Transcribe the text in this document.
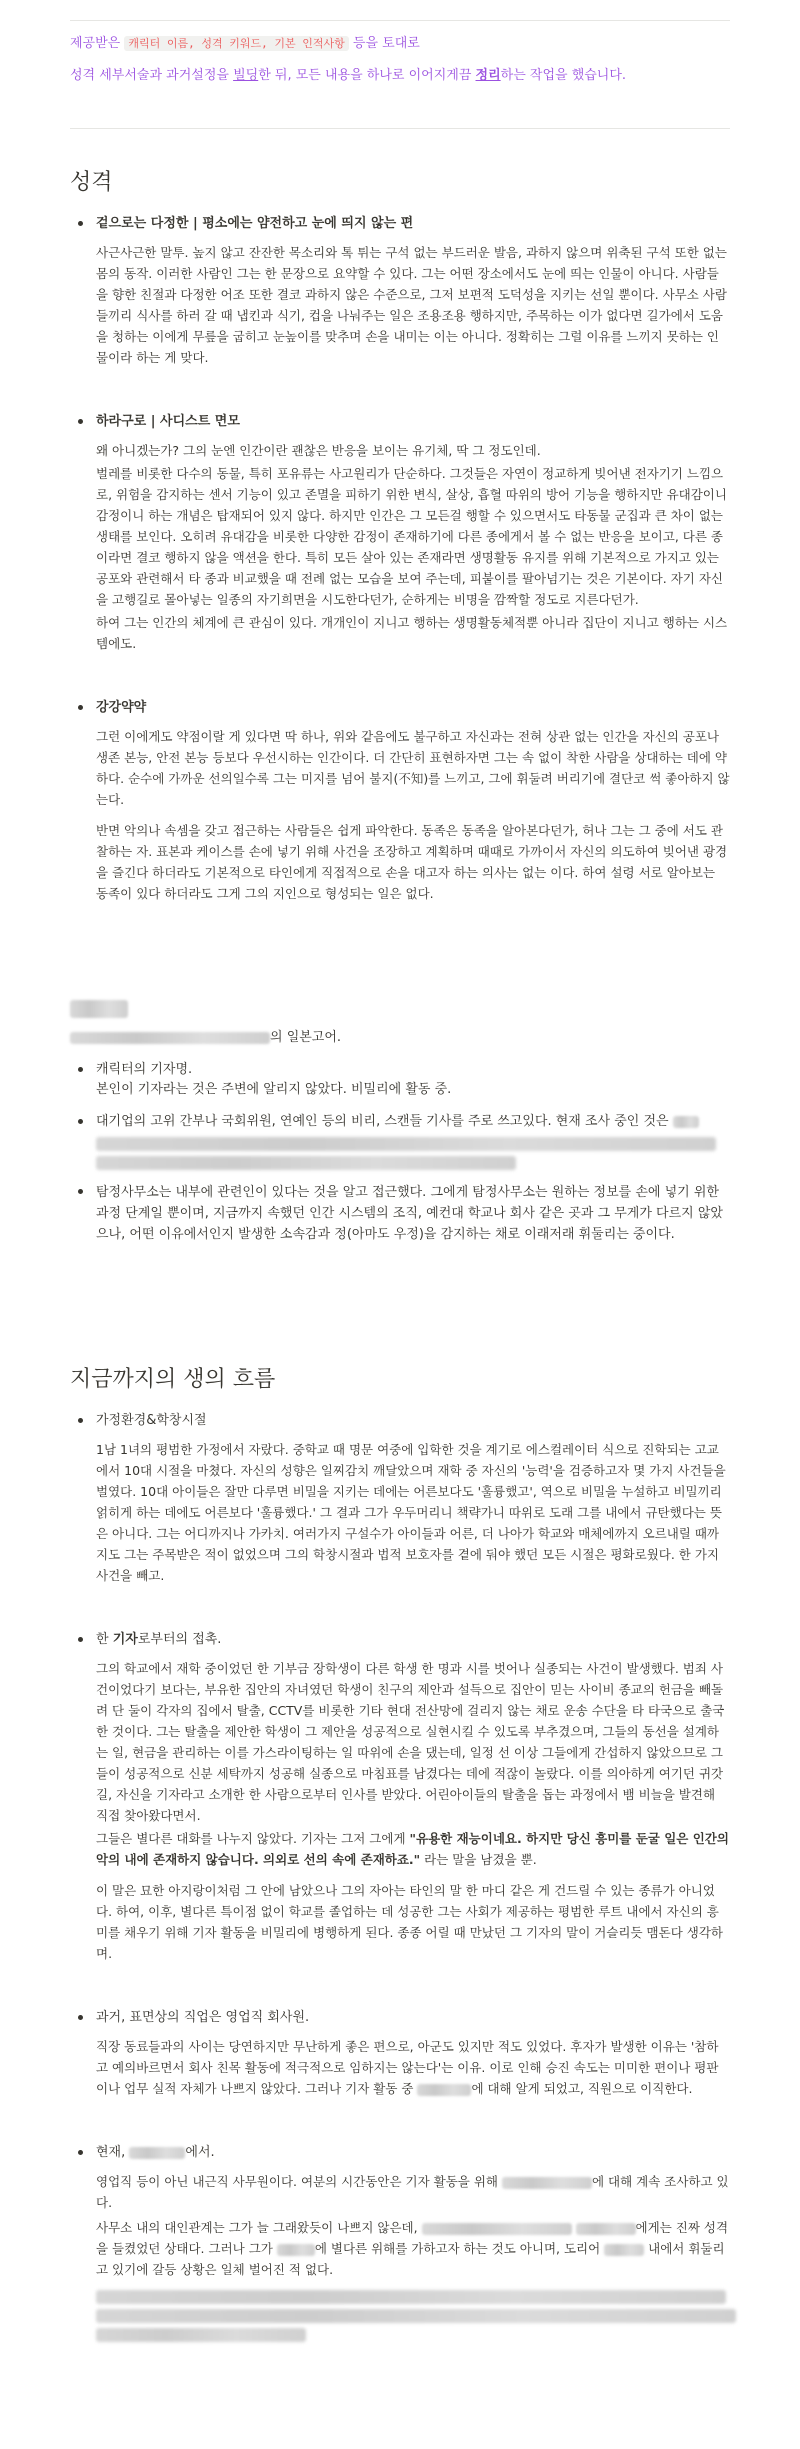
제공받은 캐릭터 이름, 성격 키워드, 기본 인적사항 등을 토대로

성격 세부서술과 과거설정을 빌딩한 뒤, 모든 내용을 하나로 이어지게끔 정리하는 작업을 했습니다.

성격
겉으로는 다정한 | 평소에는 얌전하고 눈에 띄지 않는 편
사근사근한 말투. 높지 않고 잔잔한 목소리와 톡 튀는 구석 없는 부드러운 발음, 과하지 않으며 위축된 구석 또한 없는 몸의 동작. 이러한 사람인 그는 한 문장으로 요약할 수 있다. 그는 어떤 장소에서도 눈에 띄는 인물이 아니다. 사람들을 향한 친절과 다정한 어조 또한 결코 과하지 않은 수준으로, 그저 보편적 도덕성을 지키는 선일 뿐이다. 사무소 사람들끼리 식사를 하러 갈 때 냅킨과 식기, 컵을 나눠주는 일은 조용조용 행하지만, 주목하는 이가 없다면 길가에서 도움을 청하는 이에게 무릎을 굽히고 눈높이를 맞추며 손을 내미는 이는 아니다. 정확히는 그럴 이유를 느끼지 못하는 인물이라 하는 게 맞다.
하라구로 | 사디스트 면모
왜 아니겠는가? 그의 눈엔 인간이란 괜찮은 반응을 보이는 유기체, 딱 그 정도인데.
벌레를 비롯한 다수의 동물, 특히 포유류는 사고원리가 단순하다. 그것들은 자연이 정교하게 빚어낸 전자기기 느낌으로, 위험을 감지하는 센서 기능이 있고 존멸을 피하기 위한 변식, 살상, 흡혈 따위의 방어 기능을 행하지만 유대감이니 감정이니 하는 개념은 탑재되어 있지 않다. 하지만 인간은 그 모든걸 행할 수 있으면서도 타동물 군집과 큰 차이 없는 생태를 보인다. 오히려 유대감을 비롯한 다양한 감정이 존재하기에 다른 종에게서 볼 수 없는 반응을 보이고, 다른 종이라면 결코 행하지 않을 액션을 한다. 특히 모든 살아 있는 존재라면 생명활동 유지를 위해 기본적으로 가지고 있는 공포와 관련해서 타 종과 비교했을 때 전례 없는 모습을 보여 주는데, 피붙이를 팔아넘기는 것은 기본이다. 자기 자신을 고행길로 몰아넣는 일종의 자기희면을 시도한다던가, 순하게는 비명을 깜짝할 정도로 지른다던가.
하여 그는 인간의 체계에 큰 관심이 있다. 개개인이 지니고 행하는 생명활동체적뿐 아니라 집단이 지니고 행하는 시스템에도.
강강약약
그런 이에게도 약점이랄 게 있다면 딱 하나, 위와 같음에도 불구하고 자신과는 전혀 상관 없는 인간을 자신의 공포나 생존 본능, 안전 본능 등보다 우선시하는 인간이다. 더 간단히 표현하자면 그는 속 없이 착한 사람을 상대하는 데에 약하다. 순수에 가까운 선의일수록 그는 미지를 넘어 불지(不知)를 느끼고, 그에 휘둘려 버리기에 결단코 썩 좋아하지 않는다.
반면 악의나 속셈을 갖고 접근하는 사람들은 쉽게 파악한다. 동족은 동족을 알아본다던가, 허나 그는 그 중에 서도 관찰하는 자. 표본과 케이스를 손에 넣기 위해 사건을 조장하고 계획하며 때때로 가까이서 자신의 의도하여 빚어낸 광경을 즐긴다 하더라도 기본적으로 타인에게 직접적으로 손을 대고자 하는 의사는 없는 이다. 하여 설령 서로 알아보는 동족이 있다 하더라도 그게 그의 지인으로 형성되는 일은 없다.
의 일본고어.
캐릭터의 기자명.
본인이 기자라는 것은 주변에 알리지 않았다. 비밀리에 활동 중.
대기업의 고위 간부나 국회위원, 연예인 등의 비리, 스캔들 기사를 주로 쓰고있다. 현재 조사 중인 것은
탐정사무소는 내부에 관련인이 있다는 것을 알고 접근했다. 그에게 탐정사무소는 원하는 정보를 손에 넣기 위한 과정 단계일 뿐이며, 지금까지 속했던 인간 시스템의 조직, 예컨대 학교나 회사 같은 곳과 그 무게가 다르지 않았으나, 어떤 이유에서인지 발생한 소속감과 정(아마도 우정)을 감지하는 채로 이래저래 휘둘리는 중이다.
지금까지의 생의 흐름
가정환경&학창시절
1남 1녀의 평범한 가정에서 자랐다. 중학교 때 명문 여중에 입학한 것을 계기로 에스컬레이터 식으로 진학되는 고교에서 10대 시절을 마쳤다. 자신의 성향은 일찌감치 깨달았으며 재학 중 자신의 '능력'을 검증하고자 몇 가지 사건들을 벌였다. 10대 아이들은 잘만 다루면 비밀을 지키는 데에는 어른보다도 '훌륭했고', 역으로 비밀을 누설하고 비밀끼리 얽히게 하는 데에도 어른보다 '훌륭했다.' 그 결과 그가 우두머리니 책략가니 따위로 도래 그를 내에서 규탄했다는 뜻은 아니다. 그는 어디까지나 가카치. 여러가지 구설수가 아이들과 어른, 더 나아가 학교와 매체에까지 오르내릴 때까지도 그는 주목받은 적이 없었으며 그의 학창시절과 법적 보호자를 곁에 둬야 했던 모든 시절은 평화로웠다. 한 가지 사건을 빼고.
한 기자로부터의 접촉.
그의 학교에서 재학 중이었던 한 기부금 장학생이 다른 학생 한 명과 시를 벗어나 실종되는 사건이 발생했다. 범죄 사건이었다기 보다는, 부유한 집안의 자녀였던 학생이 친구의 제안과 설득으로 집안이 믿는 사이비 종교의 헌금을 빼돌려 단 둘이 각자의 집에서 탈출, CCTV를 비롯한 기타 현대 전산망에 걸리지 않는 채로 운송 수단을 타 타국으로 출국한 것이다. 그는 탈출을 제안한 학생이 그 제안을 성공적으로 실현시킬 수 있도록 부추겼으며, 그들의 동선을 설계하는 일, 현금을 관리하는 이를 가스라이팅하는 일 따위에 손을 댔는데, 일정 선 이상 그들에게 간섭하지 않았으므로 그들이 성공적으로 신분 세탁까지 성공해 실종으로 마침표를 남겼다는 데에 적잖이 놀랐다. 이를 의아하게 여기던 귀갓길, 자신을 기자라고 소개한 한 사람으로부터 인사를 받았다. 어린아이들의 탈출을 돕는 과정에서 뱀 비늘을 발견해 직접 찾아왔다면서.
그들은 별다른 대화를 나누지 않았다. 기자는 그저 그에게 "유용한 재능이네요. 하지만 당신 흥미를 둔굴 일은 인간의 악의 내에 존재하지 않습니다. 의외로 선의 속에 존재하죠." 라는 말을 남겼을 뿐.
이 말은 묘한 아지랑이처럼 그 안에 남았으나 그의 자아는 타인의 말 한 마디 같은 게 건드릴 수 있는 종류가 아니었다. 하여, 이후, 별다른 특이점 없이 학교를 졸업하는 데 성공한 그는 사회가 제공하는 평범한 루트 내에서 자신의 흥미를 채우기 위해 기자 활동을 비밀리에 병행하게 된다. 종종 어릴 때 만났던 그 기자의 말이 거슬리듯 맴돈다 생각하며.
과거, 표면상의 직업은 영업직 회사원.
직장 동료들과의 사이는 당연하지만 무난하게 좋은 편으로, 아군도 있지만 적도 있었다. 후자가 발생한 이유는 '참하고 예의바르면서 회사 친목 활동에 적극적으로 임하지는 않는다'는 이유. 이로 인해 승진 속도는 미미한 편이나 평판이나 업무 실적 자체가 나쁘지 않았다. 그러나 기자 활동 중	에 대해 알게 되었고, 직원으로 이직한다.
현재,	에서.
영업직 등이 아닌 내근직 사무원이다. 여분의 시간동안은 기자 활동을 위해	에 대해 계속 조사하고 있다.
사무소 내의 대인관계는 그가 늘 그래왔듯이 나쁘지 않은데,	에게는 진짜 성격을 들켰었던 상태다. 그러나 그가	에 별다른 위해를 가하고자 하는 것도 아니며, 도리어	내에서 휘둘리고 있기에 갈등 상황은 일체 벌어진 적 없다.
